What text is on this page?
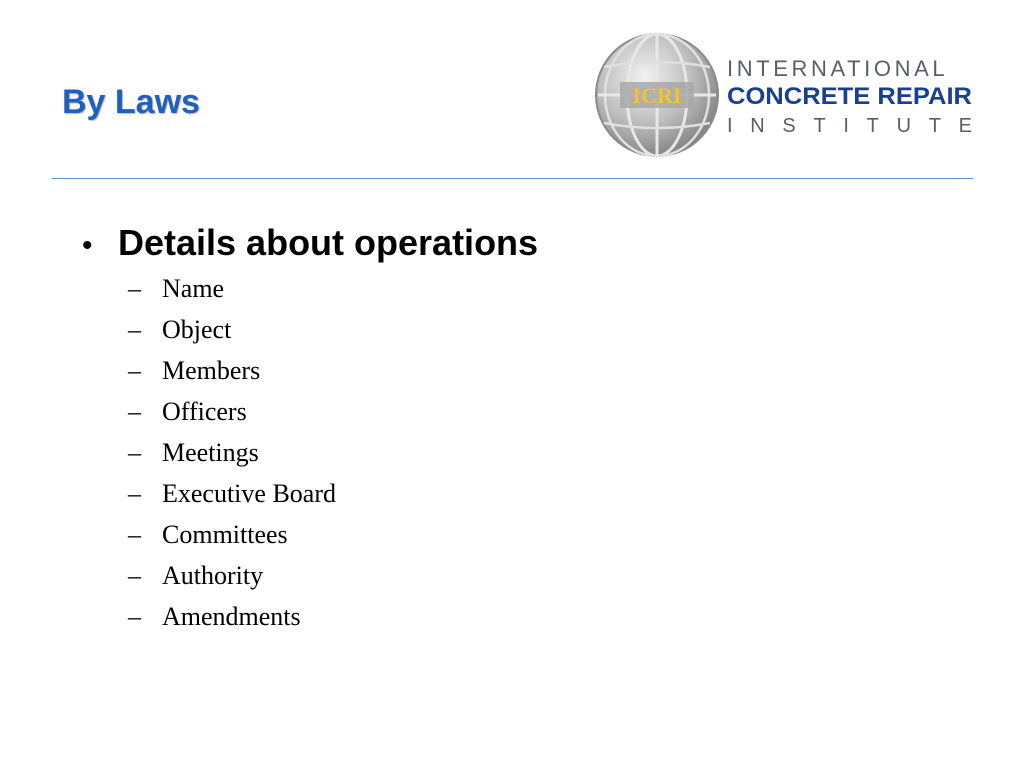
By Laws	ICRI
INTERNATIONAL
CONCRETE REPAIR
INSTITUTE
• Details about operations
– Name
– Object
– Members
– Officers
– Meetings
– Executive Board
– Committees
– Authority
– Amendments
